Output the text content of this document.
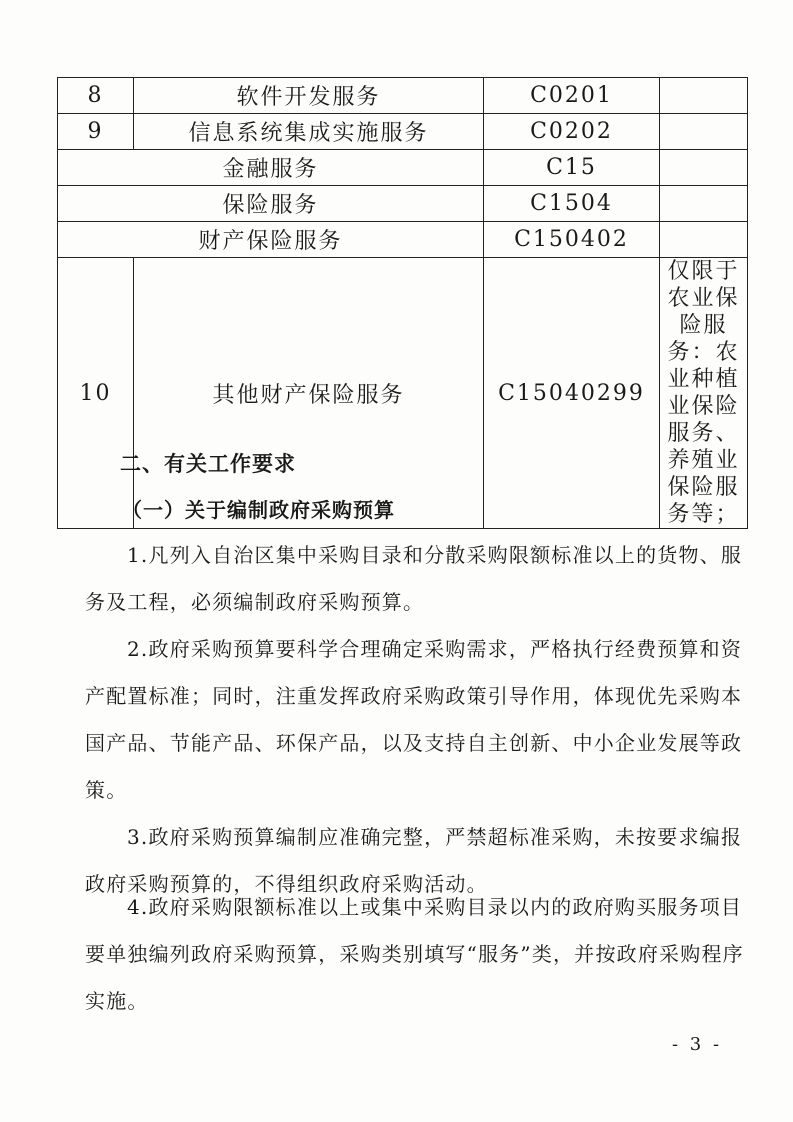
8	软件开发服务	C0201	
9	信息系统集成实施服务	C0202	
金融服务		C15	
保险服务		C1504	
财产保险服务		C150402	
10	其他财产保险服务	C15040299	仅限于农业保险服务：农业种植业保险服务、养殖业保险服务等；
二、有关工作要求
（一）关于编制政府采购预算

1.凡列入自治区集中采购目录和分散采购限额标准以上的货物、服务及工程，必须编制政府采购预算。

2.政府采购预算要科学合理确定采购需求，严格执行经费预算和资产配置标准；同时，注重发挥政府采购政策引导作用，体现优先采购本国产品、节能产品、环保产品，以及支持自主创新、中小企业发展等政策。

3.政府采购预算编制应准确完整，严禁超标准采购，未按要求编报政府采购预算的，不得组织政府采购活动。

4.政府采购限额标准以上或集中采购目录以内的政府购买服务项目要单独编列政府采购预算，采购类别填写“服务”类，并按政府采购程序实施。

- 3 -
